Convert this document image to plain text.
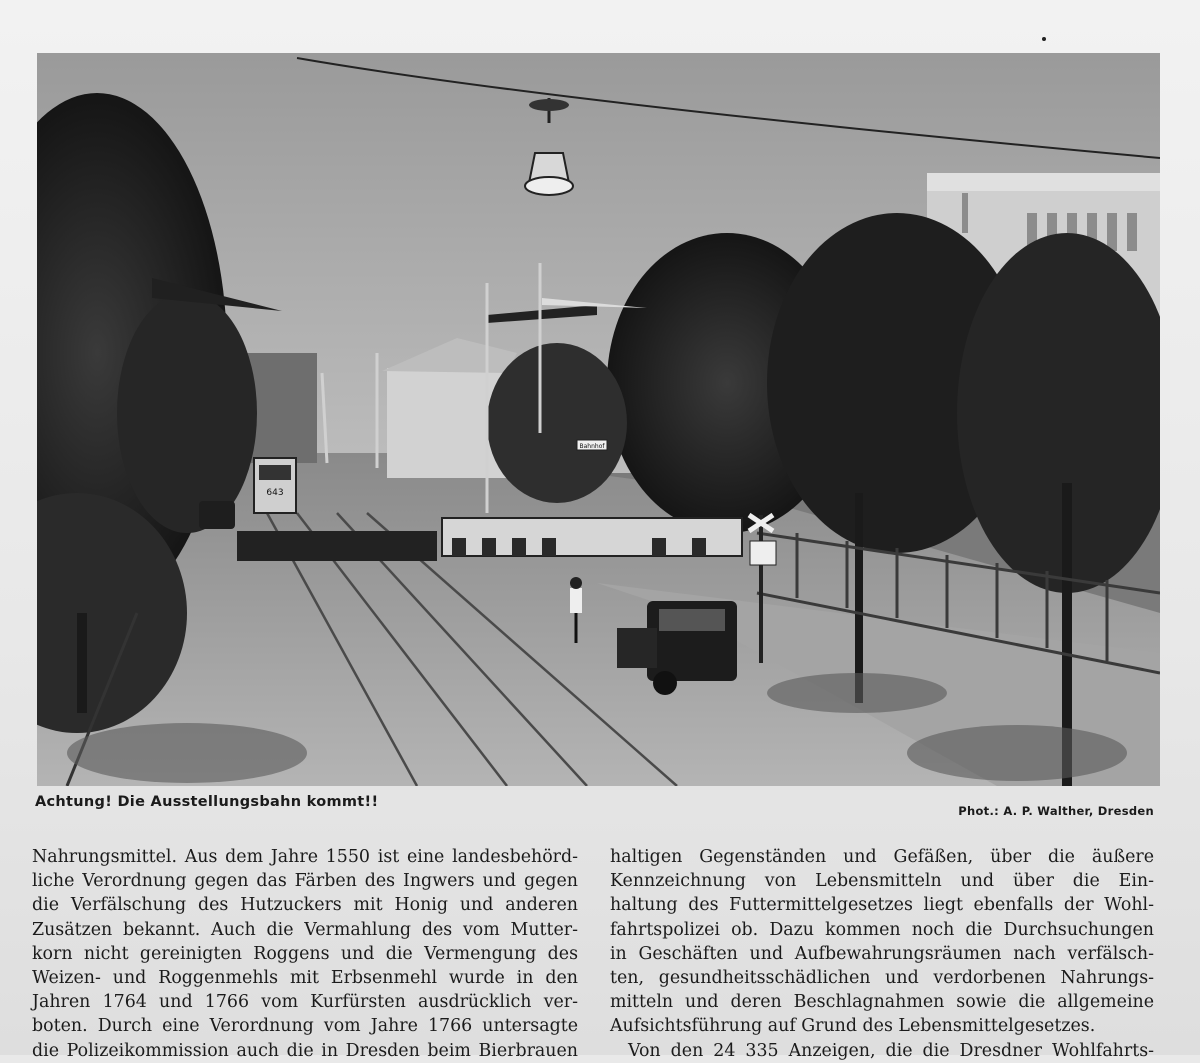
643
Bahnhof
Achtung! Die Ausstellungsbahn kommt!!
Phot.: A. P. Walther, Dresden
Nahrungsmittel. Aus dem Jahre 1550 ist eine landesbehörd-
liche Verordnung gegen das Färben des Ingwers und gegen
die Verfälschung des Hutzuckers mit Honig und anderen
Zusätzen bekannt. Auch die Vermahlung des vom Mutter-
korn nicht gereinigten Roggens und die Vermengung des
Weizen- und Roggenmehls mit Erbsenmehl wurde in den
Jahren 1764 und 1766 vom Kurfürsten ausdrücklich ver-
boten. Durch eine Verordnung vom Jahre 1766 untersagte
die Polizeikommission auch die in Dresden beim Bierbrauen
haltigen Gegenständen und Gefäßen, über die äußere
Kennzeichnung von Lebensmitteln und über die Ein-
haltung des Futtermittelgesetzes liegt ebenfalls der Wohl-
fahrtspolizei ob. Dazu kommen noch die Durchsuchungen
in Geschäften und Aufbewahrungsräumen nach verfälsch-
ten, gesundheitsschädlichen und verdorbenen Nahrungs-
mitteln und deren Beschlagnahmen sowie die allgemeine
Aufsichtsführung auf Grund des Lebensmittelgesetzes.
Von den 24 335 Anzeigen, die die Dresdner Wohlfahrts-
